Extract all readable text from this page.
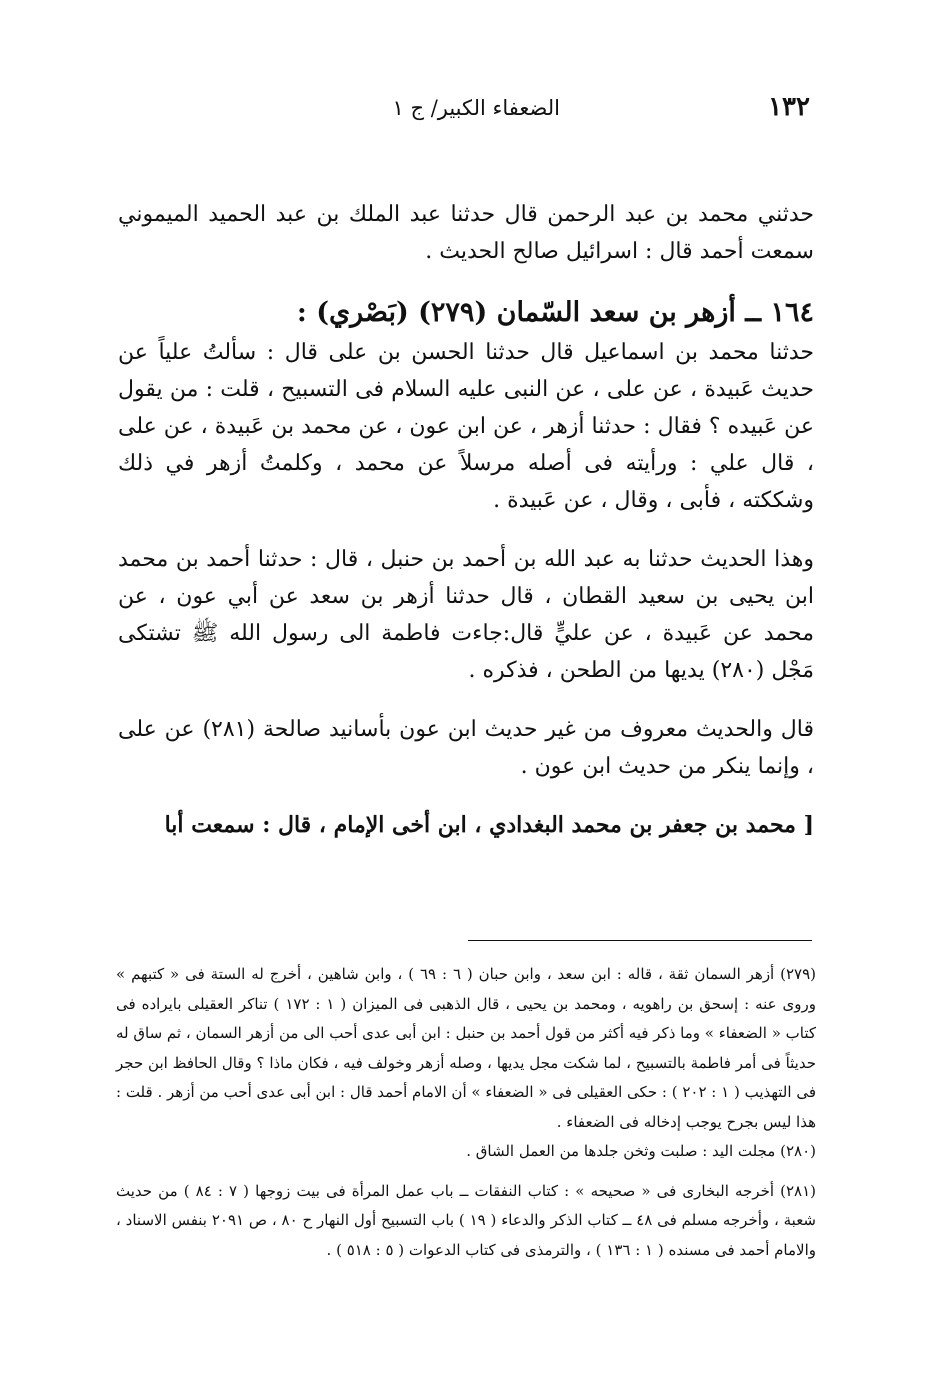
١٣٢
الضعفاء الكبير/ ج ١

حدثني محمد بن عبد الرحمن قال حدثنا عبد الملك بن عبد الحميد الميموني سمعت أحمد قال : اسرائيل صالح الحديث .

١٦٤ ــ أزهر بن سعد السّمان (٢٧٩) (بَصْري) :

حدثنا محمد بن اسماعيل قال حدثنا الحسن بن على قال : سألتُ علياً عن حديث عَبيدة ، عن على ، عن النبى عليه السلام فى التسبيح ، قلت : من يقول عن عَبيده ؟ فقال : حدثنا أزهر ، عن ابن عون ، عن محمد بن عَبيدة ، عن على ، قال علي : ورأيته فى أصله مرسلاً عن محمد ، وكلمتُ أزهر في ذلك وشككته ، فأبى ، وقال ، عن عَبيدة .

وهذا الحديث حدثنا به عبد الله بن أحمد بن حنبل ، قال : حدثنا أحمد بن محمد ابن يحيى بن سعيد القطان ، قال حدثنا أزهر بن سعد عن أبي عون ، عن محمد عن عَبيدة ، عن عليٍّ قال:جاءت فاطمة الى رسول الله ﷺ تشتكى مَجْل (٢٨٠) يديها من الطحن ، فذكره .

قال والحديث معروف من غير حديث ابن عون بأسانيد صالحة (٢٨١) عن على ، وإنما ينكر من حديث ابن عون .

[ محمد بن جعفر بن محمد البغدادي ، ابن أخى الإمام ، قال : سمعت أبا

(٢٧٩) أزهر السمان ثقة ، قاله : ابن سعد ، وابن حبان ( ٦ : ٦٩ ) ، وابن شاهين ، أخرج له الستة فى « كتبهم » وروى عنه : إسحق بن راهويه ، ومحمد بن يحيى ، قال الذهبى فى الميزان ( ١ : ١٧٢ ) تناكر العقيلى بايراده فى كتاب « الضعفاء » وما ذكر فيه أكثر من قول أحمد بن حنبل : ابن أبى عدى أحب الى من أزهر السمان ، ثم ساق له حديثاً فى أمر فاطمة بالتسبيح ، لما شكت مجل يديها ، وصله أزهر وخولف فيه ، فكان ماذا ؟ وقال الحافظ ابن حجر فى التهذيب ( ١ : ٢٠٢ ) : حكى العقيلى فى « الضعفاء » أن الامام أحمد قال : ابن أبى عدى أحب من أزهر . قلت : هذا ليس بجرح يوجب إدخاله فى الضعفاء .

(٢٨٠) مجلت اليد : صلبت وثخن جلدها من العمل الشاق .

(٢٨١) أخرجه البخارى فى « صحيحه » : كتاب النفقات ــ باب عمل المرأة فى بيت زوجها ( ٧ : ٨٤ ) من حديث شعبة ، وأخرجه مسلم فى ٤٨ ــ كتاب الذكر والدعاء ( ١٩ ) باب التسبيح أول النهار ح ٨٠ ، ص ٢٠٩١ بنفس الاسناد ، والامام أحمد فى مسنده ( ١ : ١٣٦ ) ، والترمذى فى كتاب الدعوات ( ٥ : ٥١٨ ) .
